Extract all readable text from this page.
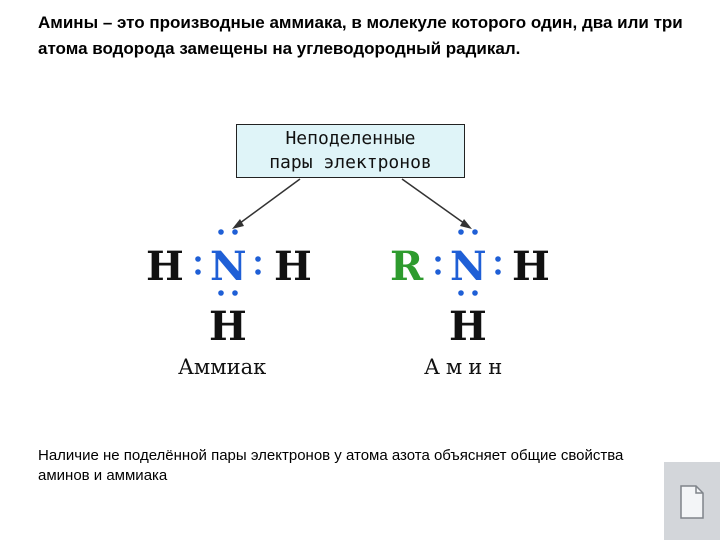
Амины – это производные аммиака, в молекуле которого один, два или три атома водорода замещены на углеводородный радикал.
Неподеленные
пары электронов
H N H
H
Аммиак
R N H
H
Амин
Наличие не поделённой пары электронов у атома азота объясняет общие свойства аминов и аммиака
